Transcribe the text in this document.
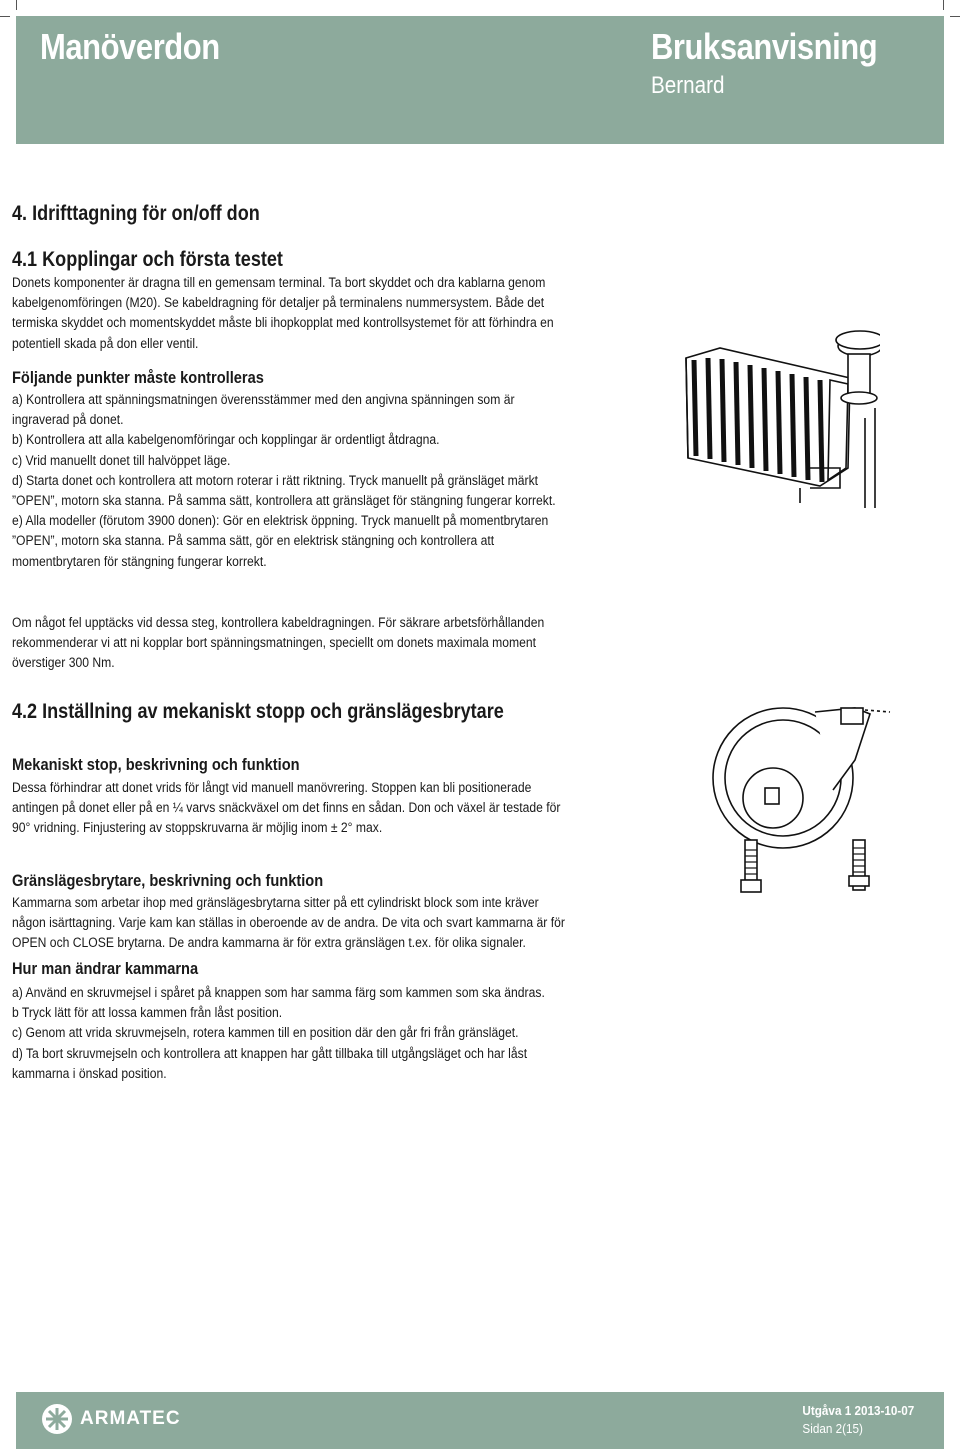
Manöverdon	Bruksanvisning
Bernard
4. Idrifttagning för on/off don
4.1 Kopplingar och första testet

Donets komponenter är dragna till en gemensam terminal. Ta bort skyddet och dra kablarna genom

kabelgenomföringen (M20). Se kabeldragning för detaljer på terminalens nummersystem. Både det

termiska skyddet och momentskyddet måste bli ihopkopplat med kontrollsystemet för att förhindra en

potentiell skada på don eller ventil.

Följande punkter måste kontrolleras

a) Kontrollera att spänningsmatningen överensstämmer med den angivna spänningen som är

ingraverad på donet.

b) Kontrollera att alla kabelgenomföringar och kopplingar är ordentligt åtdragna.

c) Vrid manuellt donet till halvöppet läge.

d) Starta donet och kontrollera att motorn roterar i rätt riktning. Tryck manuellt på gränsläget märkt

”OPEN”, motorn ska stanna. På samma sätt, kontrollera att gränsläget för stängning fungerar korrekt.

e) Alla modeller (förutom 3900 donen): Gör en elektrisk öppning. Tryck manuellt på momentbrytaren

”OPEN”, motorn ska stanna. På samma sätt, gör en elektrisk stängning och kontrollera att

momentbrytaren för stängning fungerar korrekt.

Om något fel upptäcks vid dessa steg, kontrollera kabeldragningen. För säkrare arbetsförhållanden

rekommenderar vi att ni kopplar bort spänningsmatningen, speciellt om donets maximala moment

överstiger 300 Nm.

4.2 Inställning av mekaniskt stopp och gränslägesbrytare
Mekaniskt stop, beskrivning och funktion

Dessa förhindrar att donet vrids för långt vid manuell manövrering. Stoppen kan bli positionerade

antingen på donet eller på en ¼ varvs snäckväxel om det finns en sådan. Don och växel är testade för

90° vridning. Finjustering av stoppskruvarna är möjlig inom ± 2° max.

Gränslägesbrytare, beskrivning och funktion

Kammarna som arbetar ihop med gränslägesbrytarna sitter på ett cylindriskt block som inte kräver

någon isärttagning. Varje kam kan ställas in oberoende av de andra. De vita och svart kammarna är för

OPEN och CLOSE brytarna. De andra kammarna är för extra gränslägen t.ex. för olika signaler.

Hur man ändrar kammarna

a) Använd en skruvmejsel i spåret på knappen som har samma färg som kammen som ska ändras.

b Tryck lätt för att lossa kammen från låst position.

c) Genom att vrida skruvmejseln, rotera kammen till en position där den går fri från gränsläget.

d) Ta bort skruvmejseln och kontrollera att knappen har gått tillbaka till utgångsläget och har låst

kammarna i önskad position.

ARMATEC	Utgåva 1 2013-10-07
Sidan 2(15)
